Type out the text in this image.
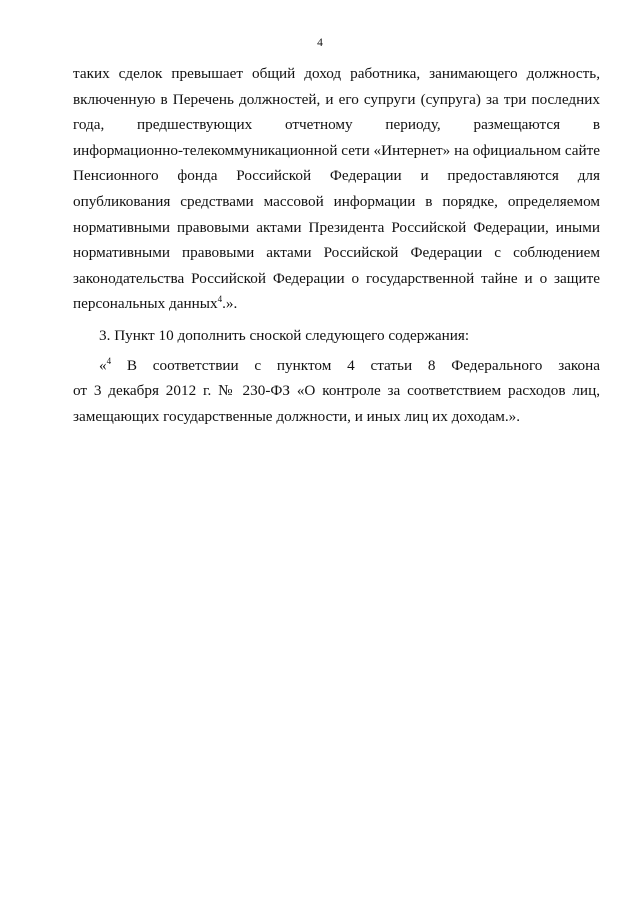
4
таких сделок превышает общий доход работника, занимающего должность,
включенную в Перечень должностей, и его супруги (супруга) за три последних
года, предшествующих отчетному периоду, размещаются в
информационно-телекоммуникационной сети «Интернет» на официальном сайте
Пенсионного фонда Российской Федерации и предоставляются для
опубликования средствами массовой информации в порядке, определяемом
нормативными правовыми актами Президента Российской Федерации, иными
нормативными правовыми актами Российской Федерации с соблюдением
законодательства Российской Федерации о государственной тайне и о защите
персональных данных$^4$.».
3. Пункт 10 дополнить сноской следующего содержания:
«$^4$ В соответствии с пунктом 4 статьи 8 Федерального закона
от 3 декабря 2012 г. № 230-ФЗ «О контроле за соответствием расходов лиц,
замещающих государственные должности, и иных лиц их доходам.».
